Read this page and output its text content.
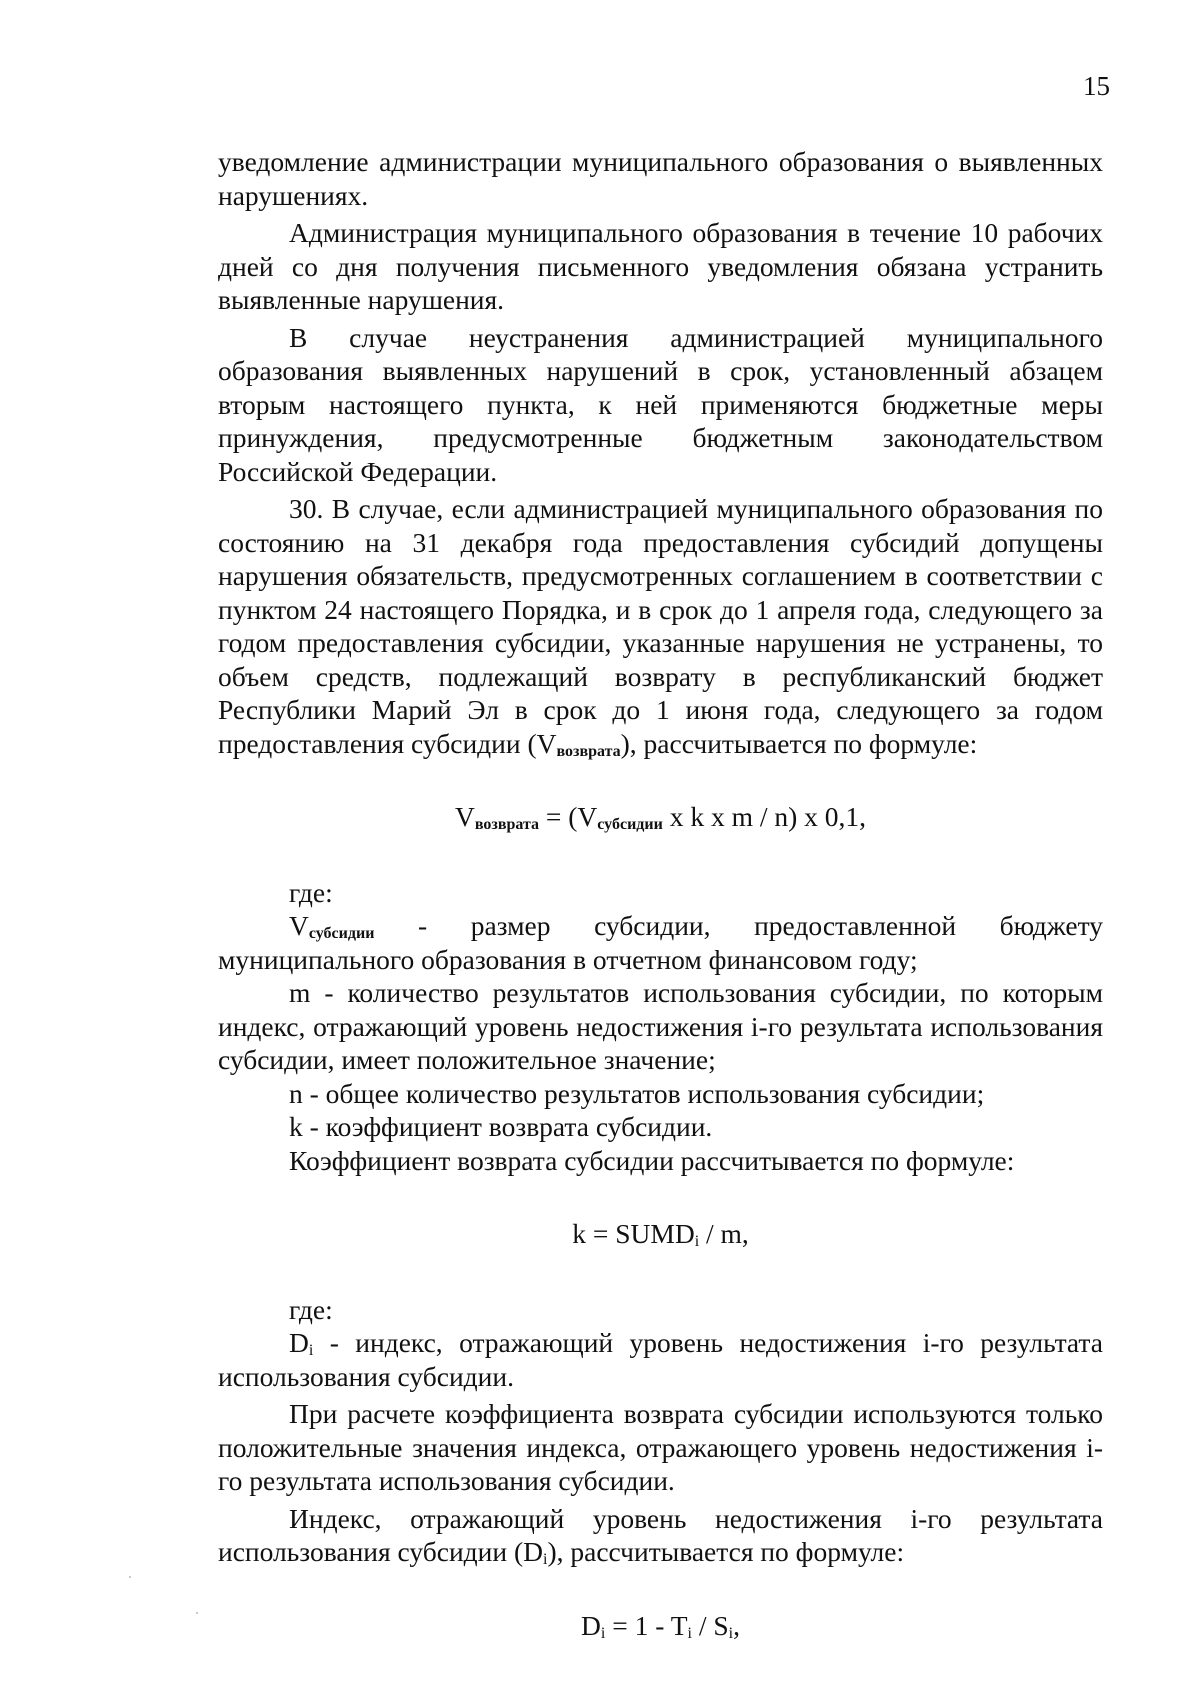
15

уведомление администрации муниципального образования о выявленных нарушениях.

Администрация муниципального образования в течение 10 рабочих дней со дня получения письменного уведомления обязана устранить выявленные нарушения.

В случае неустранения администрацией муниципального образования выявленных нарушений в срок, установленный абзацем вторым настоящего пункта, к ней применяются бюджетные меры принуждения, предусмотренные бюджетным законодательством Российской Федерации.

30. В случае, если администрацией муниципального образования по состоянию на 31 декабря года предоставления субсидий допущены нарушения обязательств, предусмотренных соглашением в соответствии с пунктом 24 настоящего Порядка, и в срок до 1 апреля года, следующего за годом предоставления субсидии, указанные нарушения не устранены, то объем средств, подлежащий возврату в республиканский бюджет Республики Марий Эл в срок до 1 июня года, следующего за годом предоставления субсидии $(V_{возврата})$, рассчитывается по формуле:

$V_{возврата} = (V_{субсидии}$ x k x m / n) x 0,1,

где:

$V_{субсидии}$ - размер субсидии, предоставленной бюджету муниципального образования в отчетном финансовом году;

m - количество результатов использования субсидии, по которым индекс, отражающий уровень недостижения i-го результата использования субсидии, имеет положительное значение;

n - общее количество результатов использования субсидии;

k - коэффициент возврата субсидии.

Коэффициент возврата субсидии рассчитывается по формуле:

$k = SUMD_i / m$,

где:

$D_i$ - индекс, отражающий уровень недостижения i-го результата использования субсидии.

При расчете коэффициента возврата субсидии используются только положительные значения индекса, отражающего уровень недостижения i-го результата использования субсидии.

Индекс, отражающий уровень недостижения i-го результата использования субсидии $(D_i)$, рассчитывается по формуле:

$D_i = 1 - T_i / S_i$,
